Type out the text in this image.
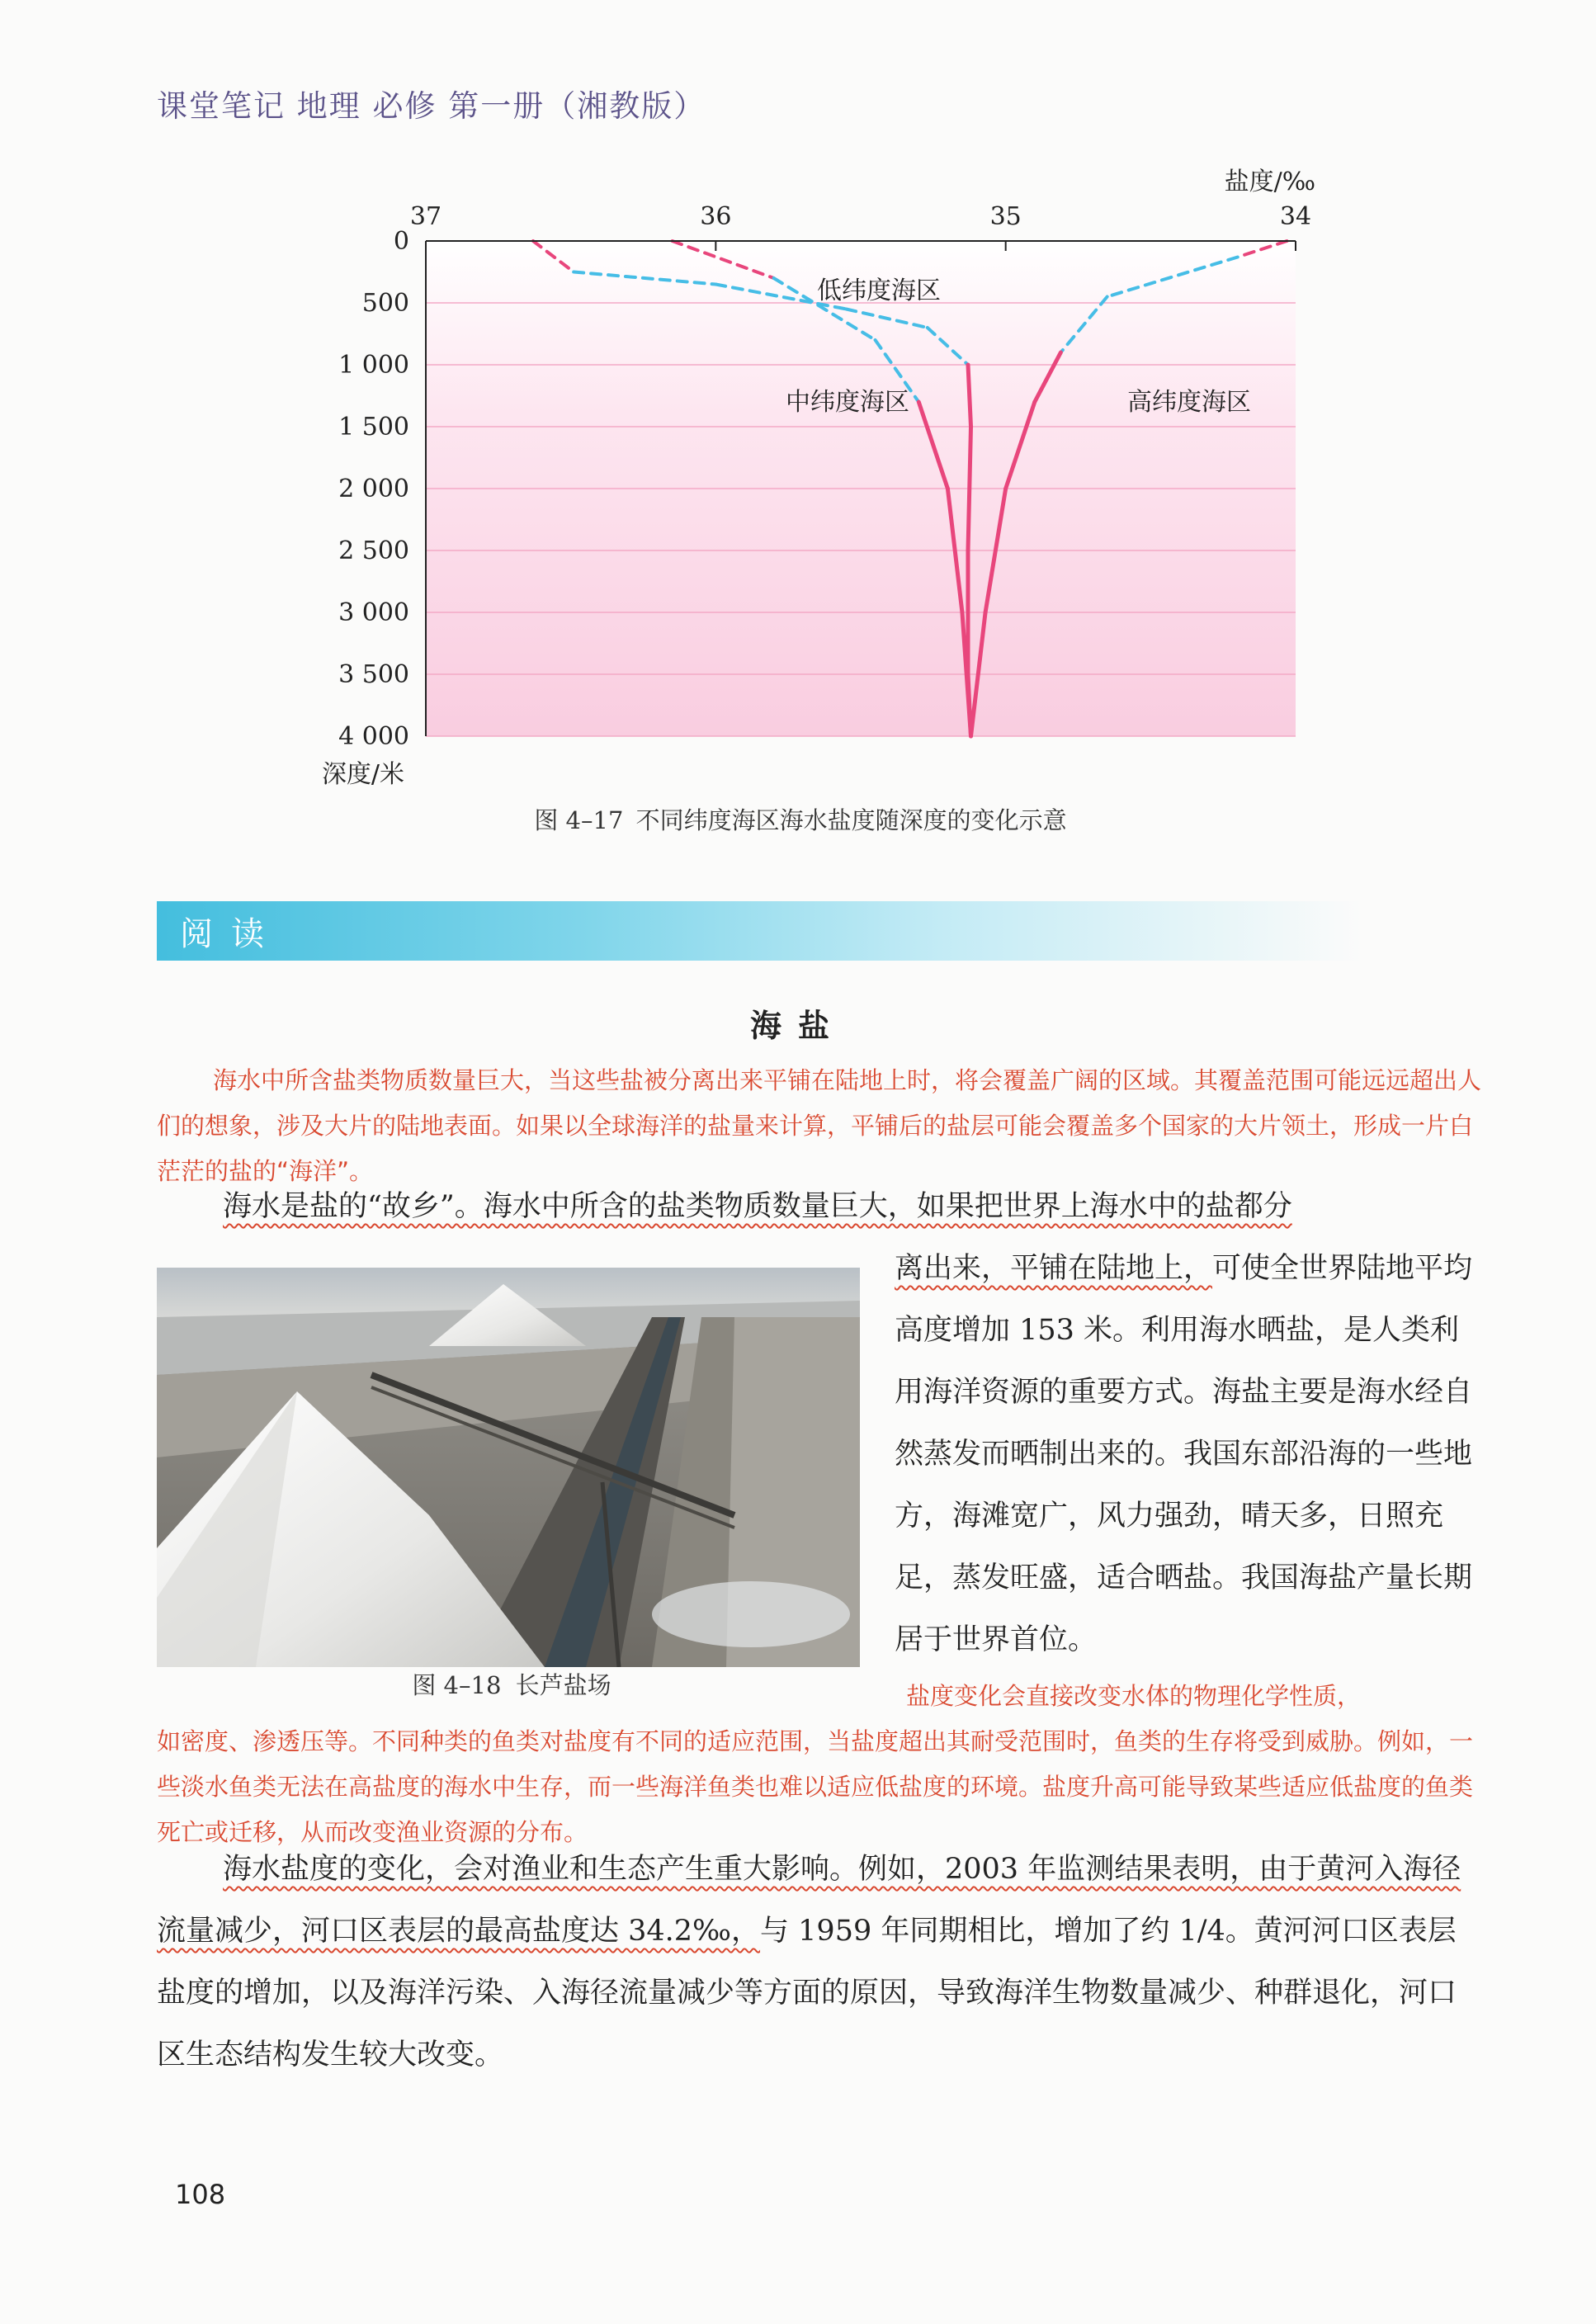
课堂笔记 地理 必修 第一册（湘教版）
37	36	35	34
0
500
1 000
1 500
2 000
2 500
3 000
3 500
4 000
盐度/‰
深度/米
低纬度海区
中纬度海区	高纬度海区
图 4–17 不同纬度海区海水盐度随深度的变化示意
阅读
海盐
海水中所含盐类物质数量巨大，当这些盐被分离出来平铺在陆地上时，将会覆盖广阔的区域。其覆盖范围可能远远超出人们的想象，涉及大片的陆地表面。如果以全球海洋的盐量来计算，平铺后的盐层可能会覆盖多个国家的大片领土，形成一片白茫茫的盐的“海洋”。
海水是盐的“故乡”。海水中所含的盐类物质数量巨大，如果把世界上海水中的盐都分
离出来，平铺在陆地上，可使全世界陆地平均高度增加 153 米。利用海水晒盐，是人类利用海洋资源的重要方式。海盐主要是海水经自然蒸发而晒制出来的。我国东部沿海的一些地方，海滩宽广，风力强劲，晴天多，日照充足，蒸发旺盛，适合晒盐。我国海盐产量长期居于世界首位。
图 4–18 长芦盐场	盐度变化会直接改变水体的物理化学性质，
如密度、渗透压等。不同种类的鱼类对盐度有不同的适应范围，当盐度超出其耐受范围时，鱼类的生存将受到威胁。例如，一些淡水鱼类无法在高盐度的海水中生存，而一些海洋鱼类也难以适应低盐度的环境。盐度升高可能导致某些适应低盐度的鱼类死亡或迁移，从而改变渔业资源的分布。
海水盐度的变化，会对渔业和生态产生重大影响。例如，2003 年监测结果表明，由于黄河入海径流量减少，河口区表层的最高盐度达 34.2‰，与 1959 年同期相比，增加了约 1/4。黄河河口区表层盐度的增加，以及海洋污染、入海径流量减少等方面的原因，导致海洋生物数量减少、种群退化，河口区生态结构发生较大改变。
108
